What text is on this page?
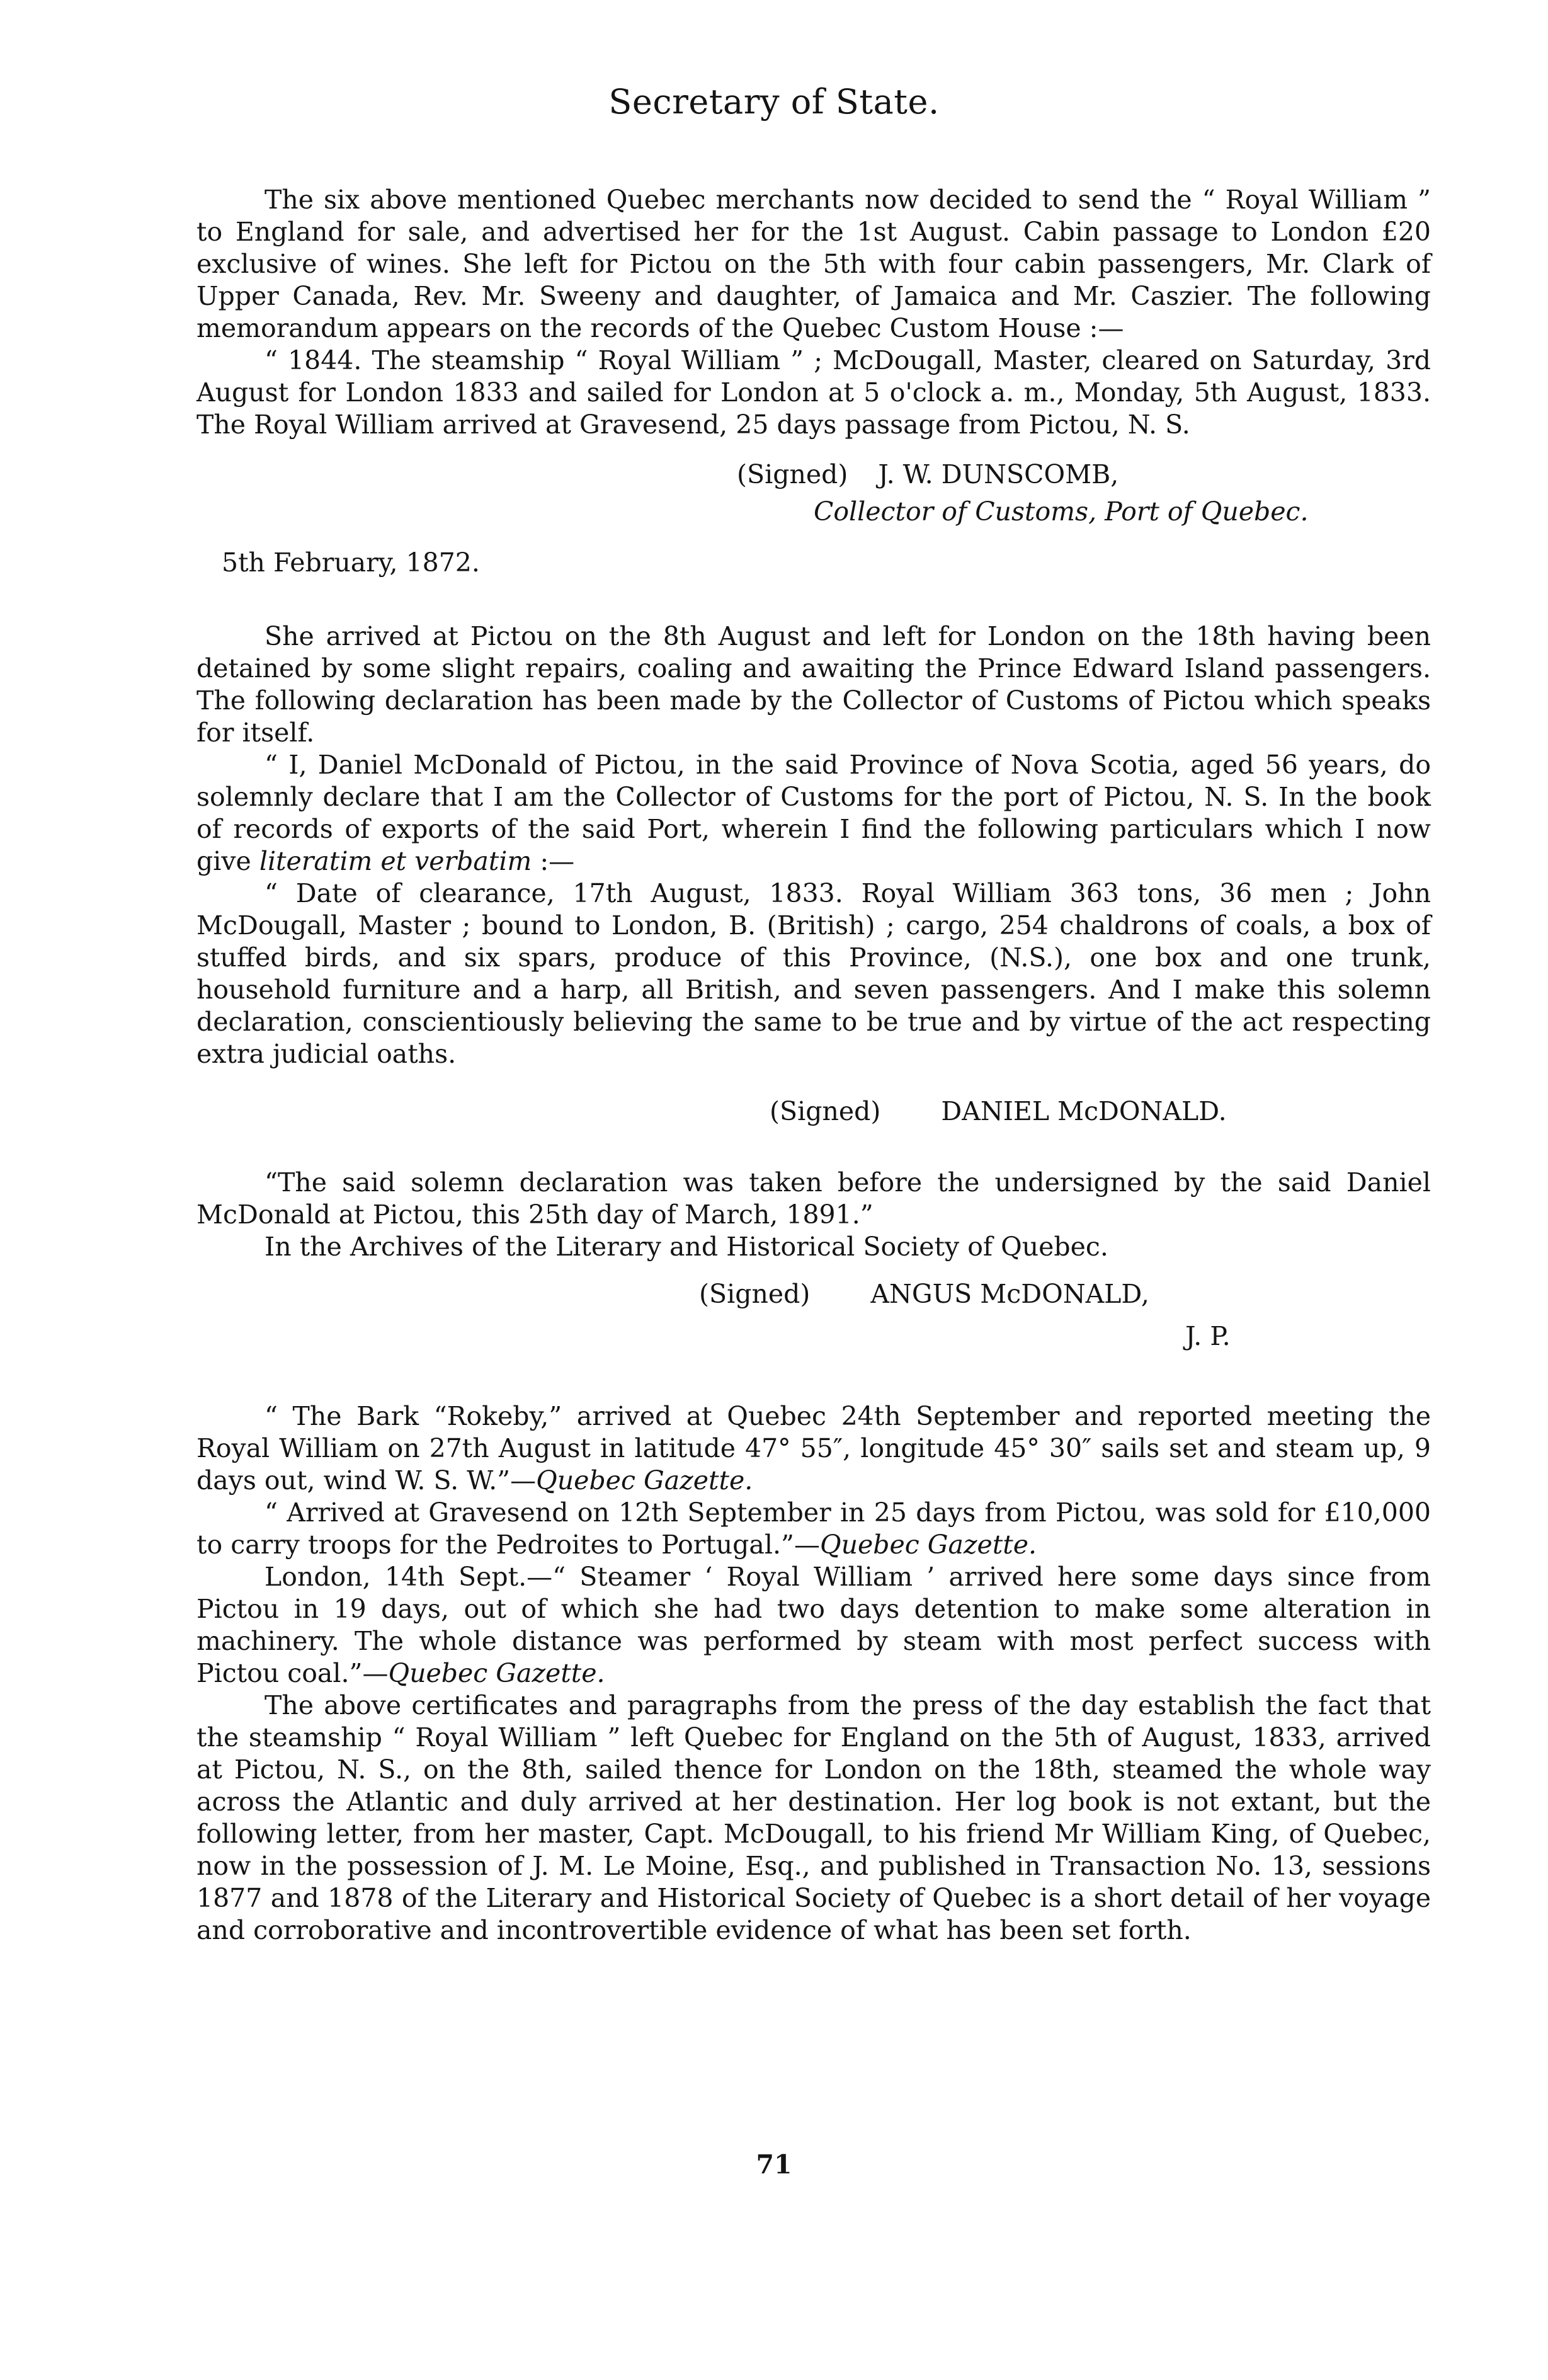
Secretary of State.

The six above mentioned Quebec merchants now decided to send the “ Royal William ” to England for sale, and advertised her for the 1st August. Cabin passage to London £20 exclusive of wines. She left for Pictou on the 5th with four cabin passengers, Mr. Clark of Upper Canada, Rev. Mr. Sweeny and daughter, of Jamaica and Mr. Caszier. The following memorandum appears on the records of the Quebec Custom House :—

“ 1844. The steamship “ Royal William ” ; McDougall, Master, cleared on Saturday, 3rd August for London 1833 and sailed for London at 5 o'clock a. m., Monday, 5th August, 1833. The Royal William arrived at Gravesend, 25 days passage from Pictou, N. S.

(Signed) J. W. DUNSCOMB,
Collector of Customs, Port of Quebec.
5th February, 1872.

She arrived at Pictou on the 8th August and left for London on the 18th having been detained by some slight repairs, coaling and awaiting the Prince Edward Island passengers. The following declaration has been made by the Collector of Customs of Pictou which speaks for itself.

“ I, Daniel McDonald of Pictou, in the said Province of Nova Scotia, aged 56 years, do solemnly declare that I am the Collector of Customs for the port of Pictou, N. S. In the book of records of exports of the said Port, wherein I find the following particulars which I now give literatim et verbatim :—

“ Date of clearance, 17th August, 1833. Royal William 363 tons, 36 men ; John McDougall, Master ; bound to London, B. (British) ; cargo, 254 chaldrons of coals, a box of stuffed birds, and six spars, produce of this Province, (N.S.), one box and one trunk, household furniture and a harp, all British, and seven passengers. And I make this solemn declaration, conscientiously believing the same to be true and by virtue of the act respecting extra judicial oaths.

(Signed) DANIEL McDONALD.

“The said solemn declaration was taken before the undersigned by the said Daniel McDonald at Pictou, this 25th day of March, 1891.”

In the Archives of the Literary and Historical Society of Quebec.

(Signed) ANGUS McDONALD,
J. P.

“ The Bark “Rokeby,” arrived at Quebec 24th September and reported meeting the Royal William on 27th August in latitude 47° 55″, longitude 45° 30″ sails set and steam up, 9 days out, wind W. S. W.”—Quebec Gazette.

“ Arrived at Gravesend on 12th September in 25 days from Pictou, was sold for £10,000 to carry troops for the Pedroites to Portugal.”—Quebec Gazette.

London, 14th Sept.—“ Steamer ‘ Royal William ’ arrived here some days since from Pictou in 19 days, out of which she had two days detention to make some alteration in machinery. The whole distance was performed by steam with most perfect success with Pictou coal.”—Quebec Gazette.

The above certificates and paragraphs from the press of the day establish the fact that the steamship “ Royal William ” left Quebec for England on the 5th of August, 1833, arrived at Pictou, N. S., on the 8th, sailed thence for London on the 18th, steamed the whole way across the Atlantic and duly arrived at her destination. Her log book is not extant, but the following letter, from her master, Capt. McDougall, to his friend Mr William King, of Quebec, now in the possession of J. M. Le Moine, Esq., and published in Transaction No. 13, sessions 1877 and 1878 of the Literary and Historical Society of Quebec is a short detail of her voyage and corroborative and incontrovertible evidence of what has been set forth.

71
